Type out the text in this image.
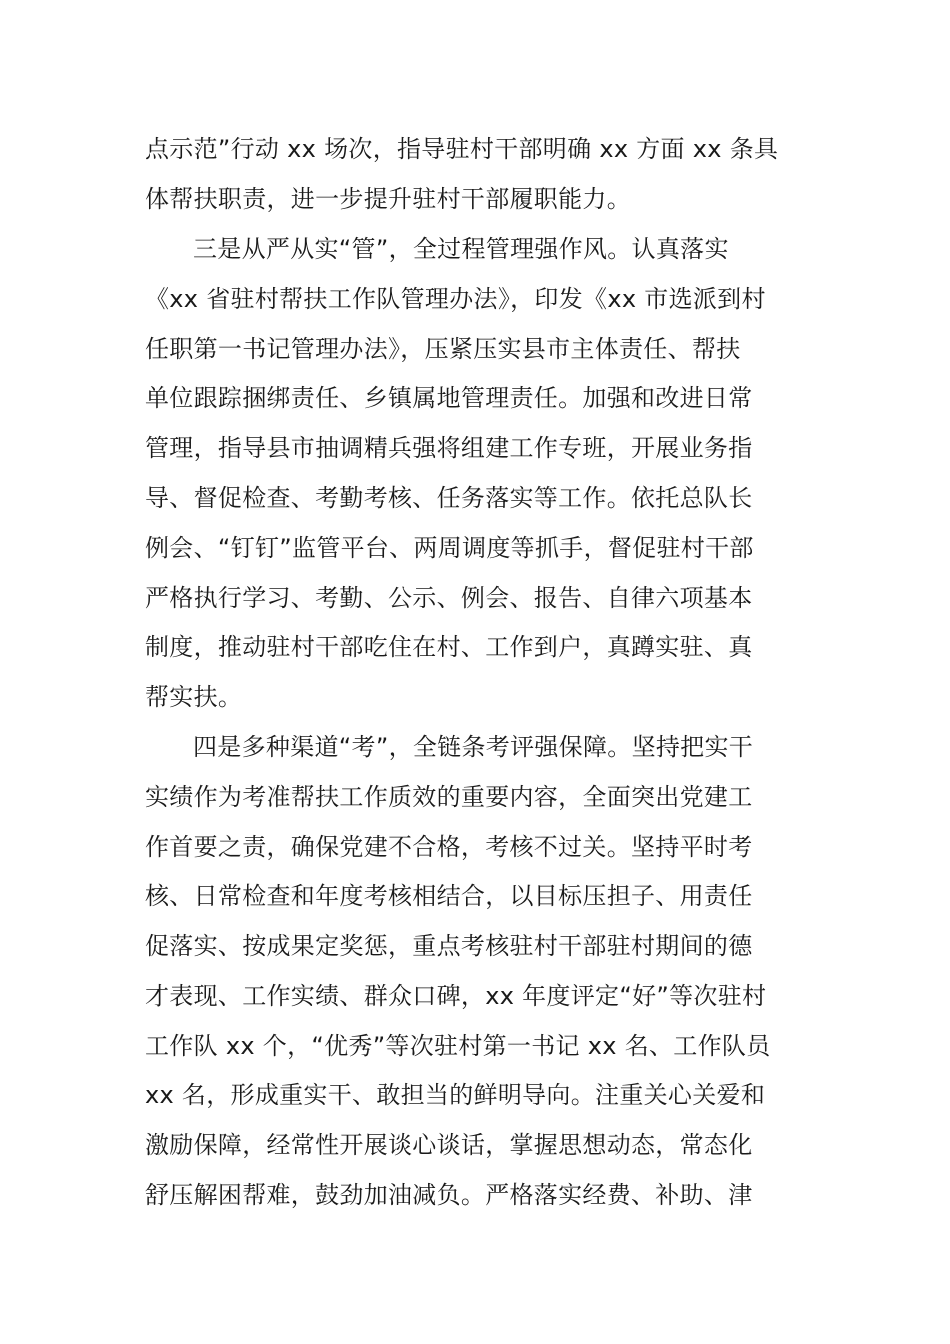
点示范”行动 xx 场次，指导驻村干部明确 xx 方面 xx 条具
体帮扶职责，进一步提升驻村干部履职能力。
三是从严从实“管”，全过程管理强作风。认真落实
《xx 省驻村帮扶工作队管理办法》，印发《xx 市选派到村
任职第一书记管理办法》，压紧压实县市主体责任、帮扶
单位跟踪捆绑责任、乡镇属地管理责任。加强和改进日常
管理，指导县市抽调精兵强将组建工作专班，开展业务指
导、督促检查、考勤考核、任务落实等工作。依托总队长
例会、“钉钉”监管平台、两周调度等抓手，督促驻村干部
严格执行学习、考勤、公示、例会、报告、自律六项基本
制度，推动驻村干部吃住在村、工作到户，真蹲实驻、真
帮实扶。
四是多种渠道“考”，全链条考评强保障。坚持把实干
实绩作为考准帮扶工作质效的重要内容，全面突出党建工
作首要之责，确保党建不合格，考核不过关。坚持平时考
核、日常检查和年度考核相结合，以目标压担子、用责任
促落实、按成果定奖惩，重点考核驻村干部驻村期间的德
才表现、工作实绩、群众口碑，xx 年度评定“好”等次驻村
工作队 xx 个，“优秀”等次驻村第一书记 xx 名、工作队员
xx 名，形成重实干、敢担当的鲜明导向。注重关心关爱和
激励保障，经常性开展谈心谈话，掌握思想动态，常态化
舒压解困帮难，鼓劲加油减负。严格落实经费、补助、津
